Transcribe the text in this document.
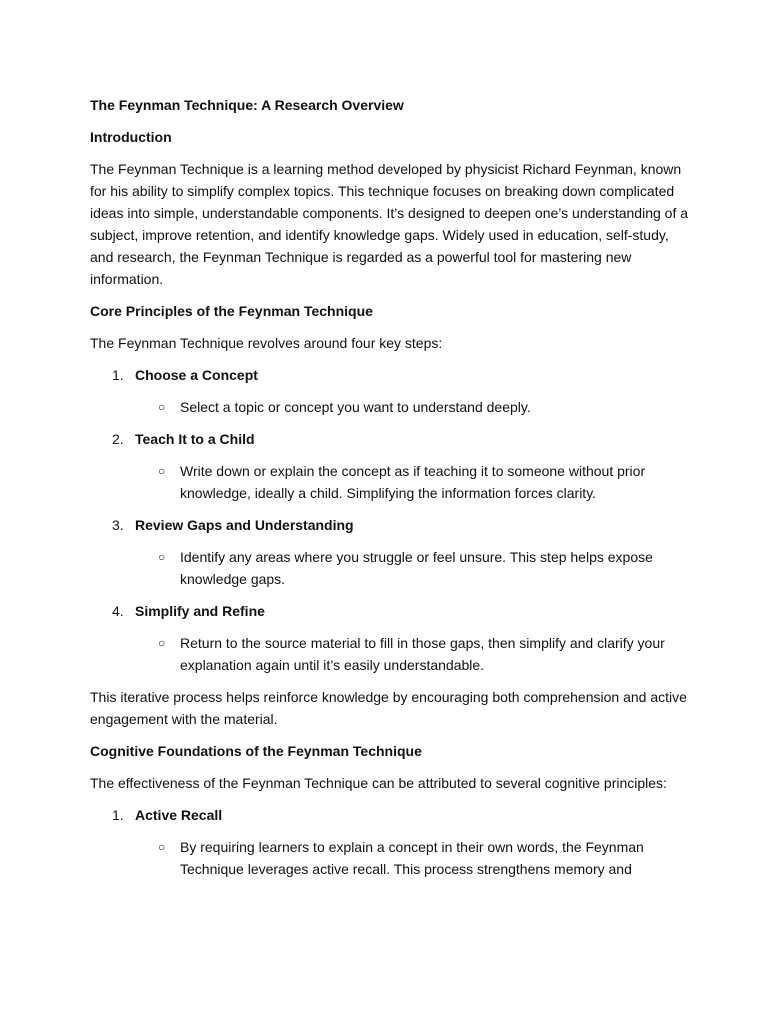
The Feynman Technique: A Research Overview
Introduction

The Feynman Technique is a learning method developed by physicist Richard Feynman, known for his ability to simplify complex topics. This technique focuses on breaking down complicated ideas into simple, understandable components. It’s designed to deepen one’s understanding of a subject, improve retention, and identify knowledge gaps. Widely used in education, self-study, and research, the Feynman Technique is regarded as a powerful tool for mastering new information.

Core Principles of the Feynman Technique

The Feynman Technique revolves around four key steps:

1. Choose a Concept
○ Select a topic or concept you want to understand deeply.
2. Teach It to a Child
○ Write down or explain the concept as if teaching it to someone without prior knowledge, ideally a child. Simplifying the information forces clarity.
3. Review Gaps and Understanding
○ Identify any areas where you struggle or feel unsure. This step helps expose knowledge gaps.
4. Simplify and Refine
○ Return to the source material to fill in those gaps, then simplify and clarify your explanation again until it’s easily understandable.

This iterative process helps reinforce knowledge by encouraging both comprehension and active engagement with the material.

Cognitive Foundations of the Feynman Technique

The effectiveness of the Feynman Technique can be attributed to several cognitive principles:

1. Active Recall
○ By requiring learners to explain a concept in their own words, the Feynman Technique leverages active recall. This process strengthens memory and
